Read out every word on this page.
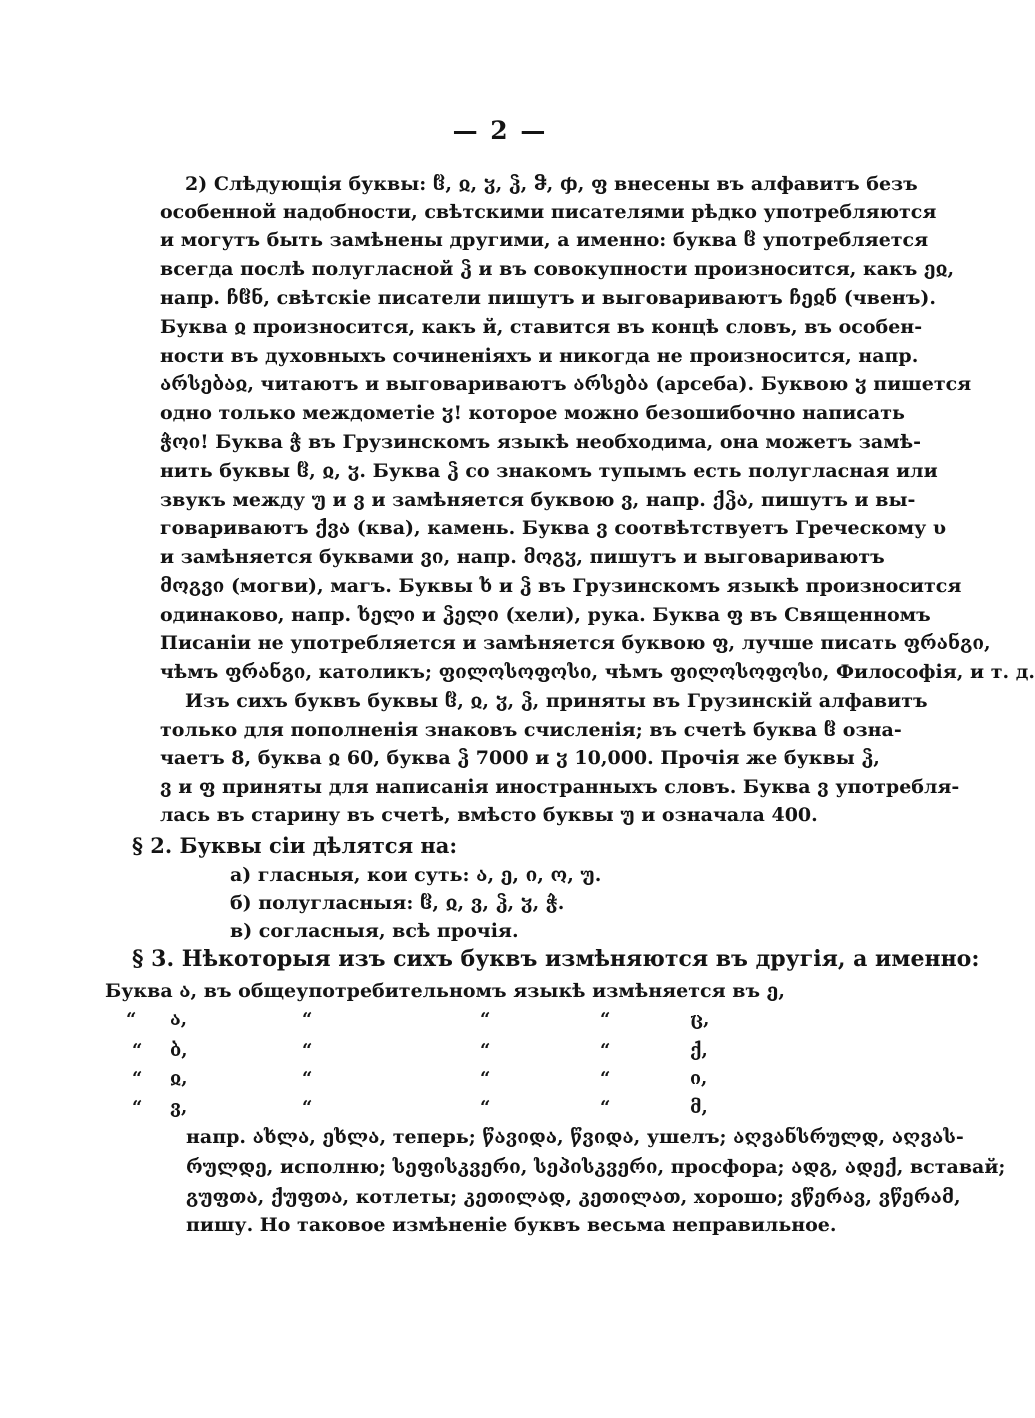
— 2 —
2) Слѣдующія буквы: ჱ, ჲ, ჳ, ჴ, ჵ, ჶ, ფ внесены въ алфавитъ безъ
особенной надобности, свѣтскими писателями рѣдко употребляются
и могутъ быть замѣнены другими, а именно: буква ჱ употребляется
всегда послѣ полугласной ჴ и въ совокупности произносится, какъ ეჲ,
напр. ჩჱნ, свѣтскіе писатели пишутъ и выговариваютъ ჩეჲნ (чвенъ).
Буква ჲ произносится, какъ й, ставится въ концѣ словъ, въ особен-
ности въ духовныхъ сочиненіяхъ и никогда не произносится, напр.
არსებაჲ, читаютъ и выговариваютъ არსება (арсеба). Буквою ჳ пишется
одно только междометіе ჳ! которое можно безошибочно написать
ჭოი! Буква ჭ въ Грузинскомъ языкѣ необходима, она можетъ замѣ-
нить буквы ჱ, ჲ, ჳ. Буква ჴ со знакомъ тупымъ есть полугласная или
звукъ между უ и ვ и замѣняется буквою ვ, напр. ქჴა, пишутъ и вы-
говариваютъ ქვა (ква), камень. Буква ვ соотвѣтствуетъ Греческому υ
и замѣняется буквами ვი, напр. მოგჳ, пишутъ и выговариваютъ
მოგვი (могви), магъ. Буквы ხ и ჴ въ Грузинскомъ языкѣ произносится
одинаково, напр. ხელი и ჴელი (хели), рука. Буква ფ въ Священномъ
Писаніи не употребляется и замѣняется буквою ფ, лучше писать ფრანგი,
чѣмъ ფრანგი, католикъ; ფილოსოფოსი, чѣмъ ფილოსოფოსი, Философія, и т. д.
Изъ сихъ буквъ буквы ჱ, ჲ, ჳ, ჴ, приняты въ Грузинскій алфавитъ
только для пополненія знаковъ счисленія; въ счетѣ буква ჱ озна-
чаетъ 8, буква ჲ 60, буква ჴ 7000 и ჳ 10,000. Прочія же буквы ჴ,
ვ и ფ приняты для написанія иностранныхъ словъ. Буква ვ употребля-
лась въ старину въ счетѣ, вмѣсто буквы უ и означала 400.
§ 2. Буквы сіи дѣлятся на:
а) гласныя, кои суть: ა, ე, ი, ო, უ.
б) полугласныя: ჱ, ჲ, ვ, ჴ, ჳ, ჭ.
в) согласныя, всѣ прочія.
§ 3. Нѣкоторыя изъ сихъ буквъ измѣняются въ другія, а именно:
Буква ა, въ общеупотребительномъ языкѣ измѣняется въ ე,
“ ა,	“	“	“	ც,
“ ბ,	“	“	“	ქ,
“ ჲ,	“	“	“	ი,
“ ვ,	“	“	“	მ,
напр. ახლა, ეხლა, теперь; წავიდა, წვიდა, ушелъ; აღვანსრულდ, აღვას-
რულდე, исполню; სეფისკვერი, სეპისკვერი, просфора; ადგ, ადექ, вставай;
გუფთა, ქუფთა, котлеты; კეთილად, კეთილათ, хорошо; ვწერავ, ვწერამ,
пишу. Но таковое измѣненіе буквъ весьма неправильное.
